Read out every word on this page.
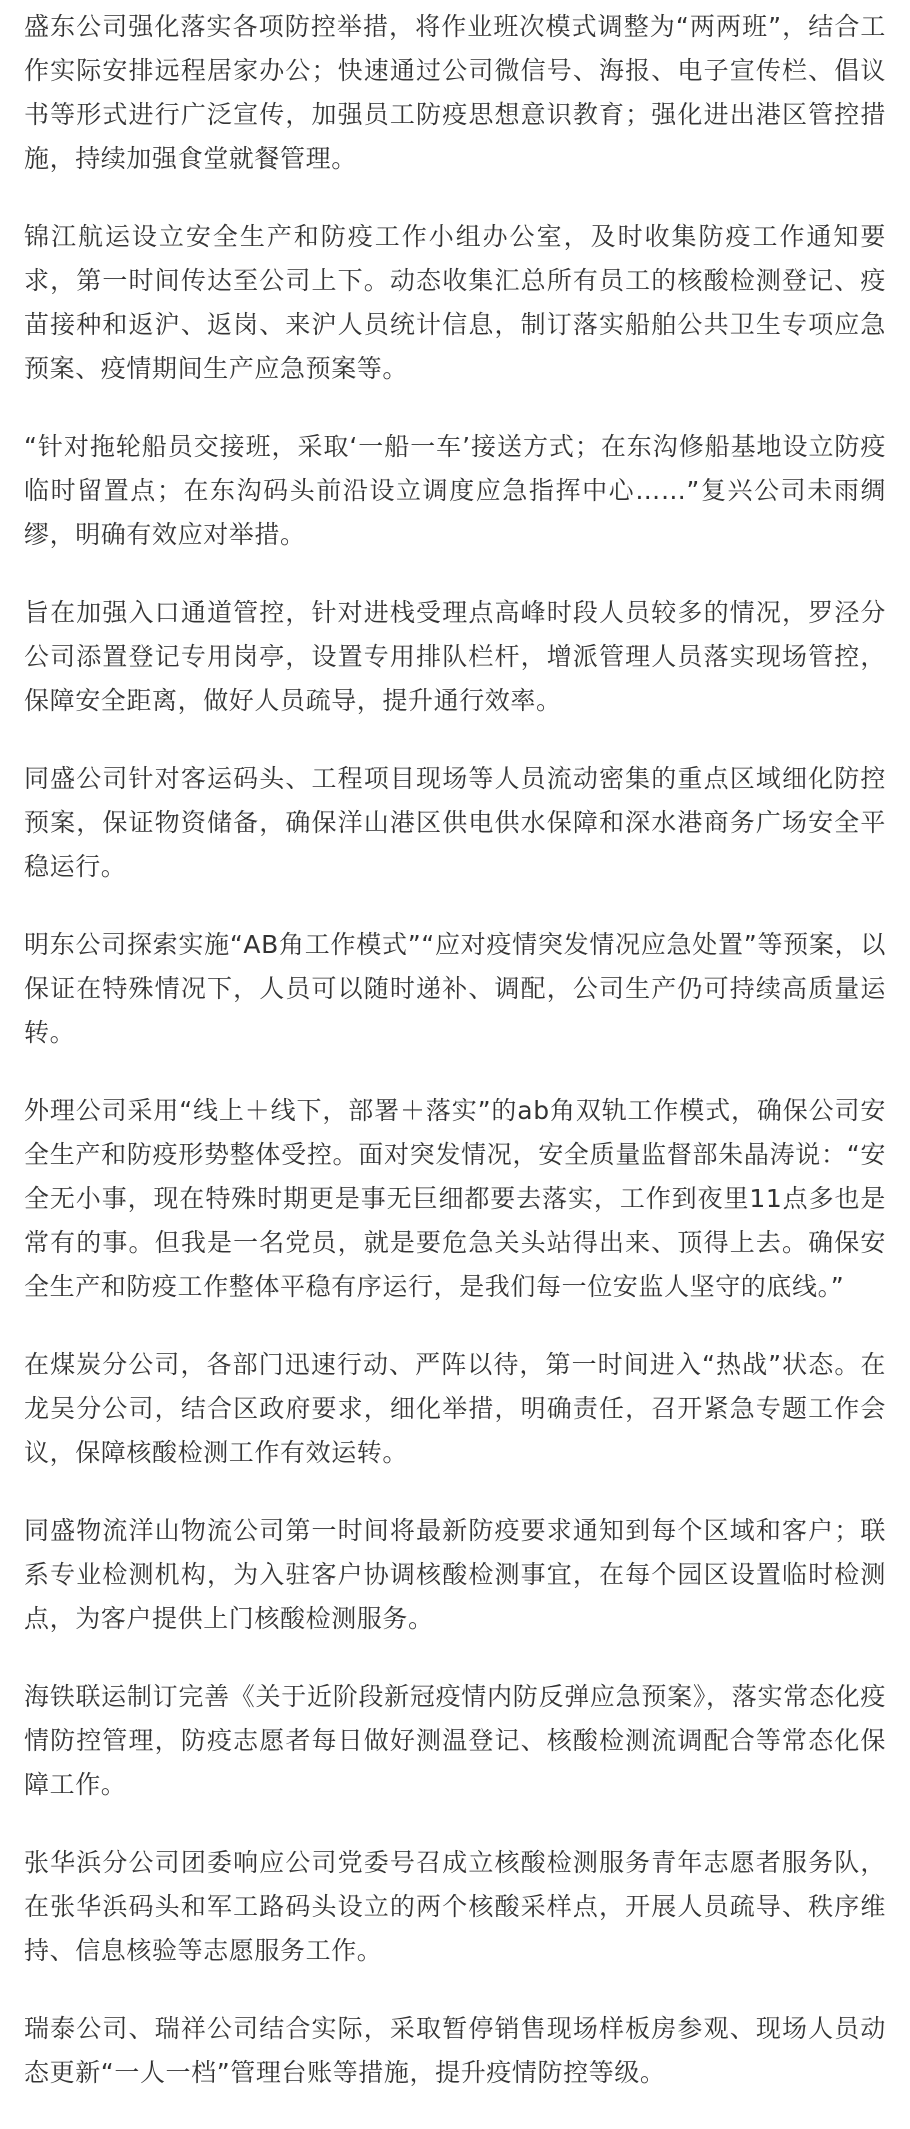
盛东公司强化落实各项防控举措，将作业班次模式调整为“两两班”，结合工作实际安排远程居家办公；快速通过公司微信号、海报、电子宣传栏、倡议书等形式进行广泛宣传，加强员工防疫思想意识教育；强化进出港区管控措施，持续加强食堂就餐管理。

锦江航运设立安全生产和防疫工作小组办公室，及时收集防疫工作通知要求，第一时间传达至公司上下。动态收集汇总所有员工的核酸检测登记、疫苗接种和返沪、返岗、来沪人员统计信息，制订落实船舶公共卫生专项应急预案、疫情期间生产应急预案等。

“针对拖轮船员交接班，采取‘一船一车’接送方式；在东沟修船基地设立防疫临时留置点；在东沟码头前沿设立调度应急指挥中心……”复兴公司未雨绸缪，明确有效应对举措。

旨在加强入口通道管控，针对进栈受理点高峰时段人员较多的情况，罗泾分公司添置登记专用岗亭，设置专用排队栏杆，增派管理人员落实现场管控，保障安全距离，做好人员疏导，提升通行效率。

同盛公司针对客运码头、工程项目现场等人员流动密集的重点区域细化防控预案，保证物资储备，确保洋山港区供电供水保障和深水港商务广场安全平稳运行。

明东公司探索实施“AB角工作模式”“应对疫情突发情况应急处置”等预案，以保证在特殊情况下，人员可以随时递补、调配，公司生产仍可持续高质量运转。

外理公司采用“线上＋线下，部署＋落实”的ab角双轨工作模式，确保公司安全生产和防疫形势整体受控。面对突发情况，安全质量监督部朱晶涛说：“安全无小事，现在特殊时期更是事无巨细都要去落实，工作到夜里11点多也是常有的事。但我是一名党员，就是要危急关头站得出来、顶得上去。确保安全生产和防疫工作整体平稳有序运行，是我们每一位安监人坚守的底线。”

在煤炭分公司，各部门迅速行动、严阵以待，第一时间进入“热战”状态。在龙吴分公司，结合区政府要求，细化举措，明确责任，召开紧急专题工作会议，保障核酸检测工作有效运转。

同盛物流洋山物流公司第一时间将最新防疫要求通知到每个区域和客户；联系专业检测机构，为入驻客户协调核酸检测事宜，在每个园区设置临时检测点，为客户提供上门核酸检测服务。

海铁联运制订完善《关于近阶段新冠疫情内防反弹应急预案》，落实常态化疫情防控管理，防疫志愿者每日做好测温登记、核酸检测流调配合等常态化保障工作。

张华浜分公司团委响应公司党委号召成立核酸检测服务青年志愿者服务队，在张华浜码头和军工路码头设立的两个核酸采样点，开展人员疏导、秩序维持、信息核验等志愿服务工作。

瑞泰公司、瑞祥公司结合实际，采取暂停销售现场样板房参观、现场人员动态更新“一人一档”管理台账等措施，提升疫情防控等级。
